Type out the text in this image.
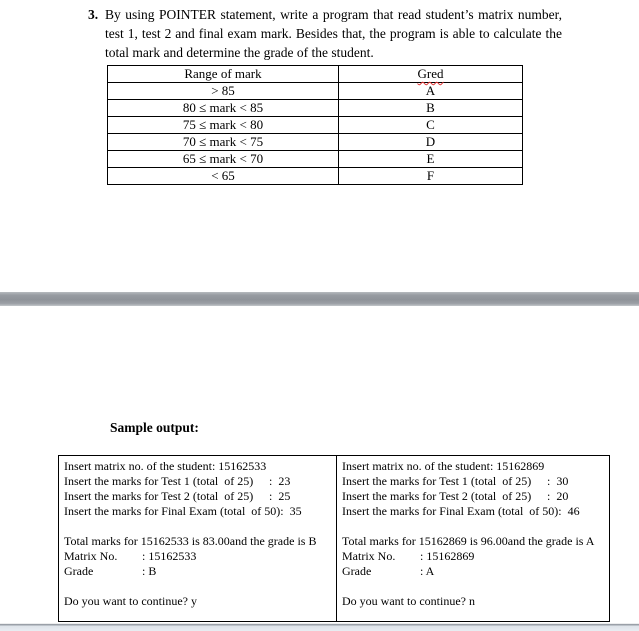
3. By using POINTER statement, write a program that read student’s matrix number,
test 1, test 2 and final exam mark. Besides that, the program is able to calculate the
total mark and determine the grade of the student.
Range of mark	Gred
> 85	A
80 ≤ mark < 85	B
75 ≤ mark < 80	C
70 ≤ mark < 75	D
65 ≤ mark < 70	E
< 65	F
Sample output:
Insert matrix no. of the student: 15162533
Insert the marks for Test 1 (total  of 25) :  23
Insert the marks for Test 2 (total  of 25) :  25
Insert the marks for Final Exam (total  of 50):  35
Total marks for 15162533 is 83.00and the grade is B
Matrix No. : 15162533
Grade	: B
Do you want to continue? y
Insert matrix no. of the student: 15162869
Insert the marks for Test 1 (total  of 25) :  30
Insert the marks for Test 2 (total  of 25) :  20
Insert the marks for Final Exam (total  of 50):  46
Total marks for 15162869 is 96.00and the grade is A
Matrix No. : 15162869
Grade	: A
Do you want to continue? n
